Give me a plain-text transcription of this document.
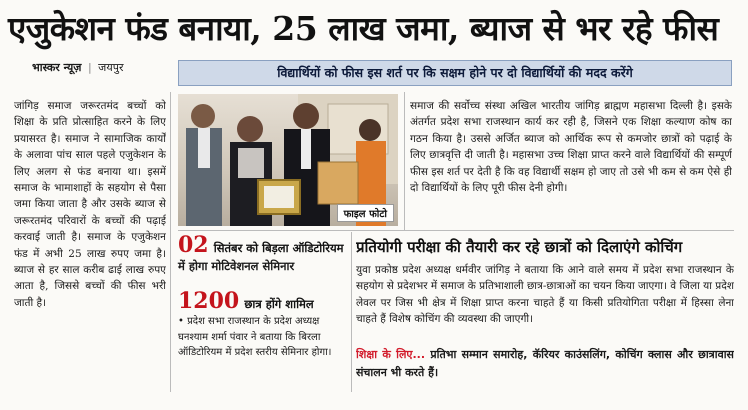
एजुकेशन फंड बनाया, 25 लाख जमा, ब्याज से भर रहे फीस
भास्कर न्यूज़ | जयपुर	विद्यार्थियों को फीस इस शर्त पर कि सक्षम होने पर दो विद्यार्थियों की मदद करेंगे
जांगिड़ समाज जरूरतमंद बच्चों को शिक्षा के प्रति प्रोत्साहित करने के लिए प्रयासरत है। समाज ने सामाजिक कार्यों के अलावा पांच साल पहले एजुकेशन के लिए अलग से फंड बनाया था। इसमें समाज के भामाशाहों के सहयोग से पैसा जमा किया जाता है और उसके ब्याज से जरूरतमंद परिवारों के बच्चों की पढ़ाई करवाई जाती है। समाज के एजुकेशन फंड में अभी 25 लाख रुपए जमा है। ब्याज से हर साल करीब ढाई लाख रुपए आता है, जिससे बच्चों की फीस भरी जाती है।
फाइल फोटो
समाज की सर्वोच्च संस्था अखिल भारतीय जांगिड़ ब्राह्मण महासभा दिल्ली है। इसके अंतर्गत प्रदेश सभा राजस्थान कार्य कर रही है, जिसने एक शिक्षा कल्याण कोष का गठन किया है। उससे अर्जित ब्याज को आर्थिक रूप से कमजोर छात्रों को पढ़ाई के लिए छात्रवृत्ति दी जाती है। महासभा उच्च शिक्षा प्राप्त करने वाले विद्यार्थियों की सम्पूर्ण फीस इस शर्त पर देती है कि वह विद्यार्थी सक्षम हो जाए तो उसे भी कम से कम ऐसे ही दो विद्यार्थियों के लिए पूरी फीस देनी होगी।
02 सितंबर को बिड़ला ऑडिटोरियम
में होगा मोटिवेशनल सेमिनार
1200 छात्र होंगे शामिल
• प्रदेश सभा राजस्थान के प्रदेश अध्यक्ष घनश्याम शर्मा पंवार ने बताया कि बिरला ऑडिटोरियम में प्रदेश स्तरीय सेमिनार होगा।
प्रतियोगी परीक्षा की तैयारी कर रहे छात्रों को दिलाएंगे कोचिंग
युवा प्रकोष्ठ प्रदेश अध्यक्ष धर्मवीर जांगिड़ ने बताया कि आने वाले समय में प्रदेश सभा राजस्थान के सहयोग से प्रदेशभर में समाज के प्रतिभाशाली छात्र-छात्राओं का चयन किया जाएगा। वे जिला या प्रदेश लेवल पर जिस भी क्षेत्र में शिक्षा प्राप्त करना चाहते हैं या किसी प्रतियोगिता परीक्षा में हिस्सा लेना चाहते हैं विशेष कोचिंग की व्यवस्था की जाएगी।
शिक्षा के लिए... प्रतिभा सम्मान समारोह, कॅरियर काउंसलिंग, कोचिंग क्लास और छात्रावास संचालन भी करते हैं।
